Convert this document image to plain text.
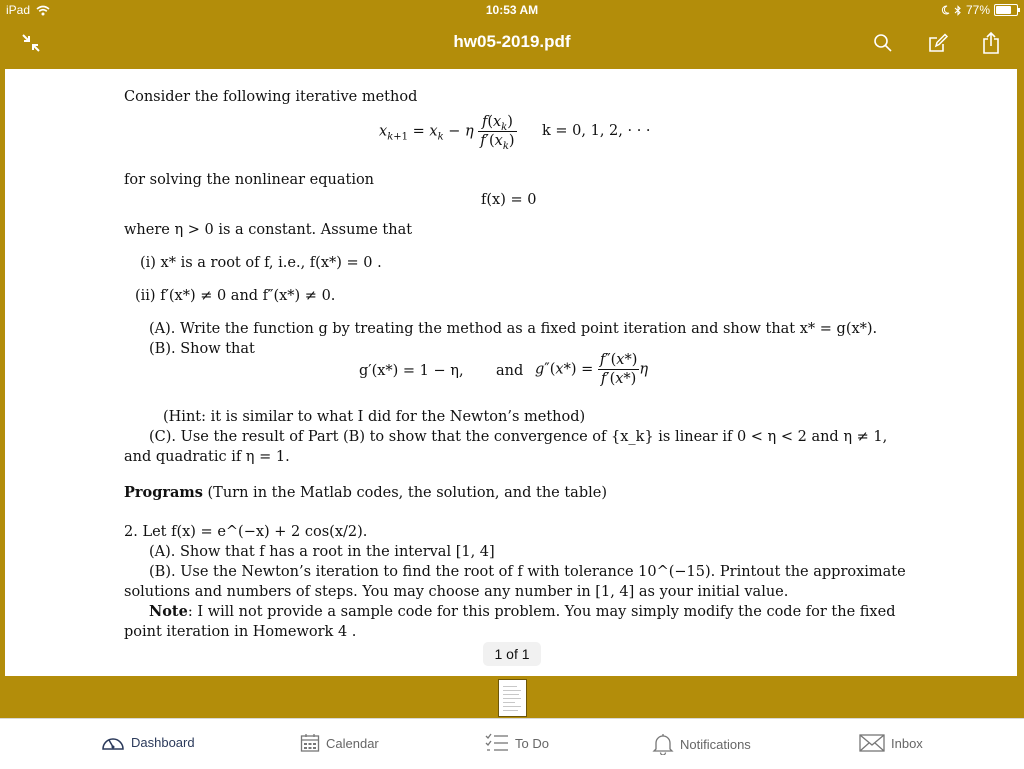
iPad	10:53 AM	77%
hw05-2019.pdf
Consider the following iterative method
$x_{k+1} = x_k - \eta \frac{f(x_k)}{f'(x_k)}$ k = 0, 1, 2, · · ·
for solving the nonlinear equation
f(x) = 0
where η > 0 is a constant. Assume that
(i) x* is a root of f, i.e., f(x*) = 0 .
(ii) f′(x*) ≠ 0 and f″(x*) ≠ 0.
(A). Write the function g by treating the method as a fixed point iteration and show that x* = g(x*).
(B). Show that
g′(x*) = 1 − η, and $g''(x*) = \frac{f''(x*)}{f'(x*)}$ η
(Hint: it is similar to what I did for the Newton’s method)
(C). Use the result of Part (B) to show that the convergence of {x_k} is linear if 0 < η < 2 and η ≠ 1,
and quadratic if η = 1.
Programs (Turn in the Matlab codes, the solution, and the table)
2. Let f(x) = e^(−x) + 2 cos(x/2).
(A). Show that f has a root in the interval [1, 4]
(B). Use the Newton’s iteration to find the root of f with tolerance 10^(−15). Printout the approximate
solutions and numbers of steps. You may choose any number in [1, 4] as your initial value.
Note: I will not provide a sample code for this problem. You may simply modify the code for the fixed
point iteration in Homework 4 .
1 of 1
Dashboard	Calendar	To Do	Notifications	Inbox
